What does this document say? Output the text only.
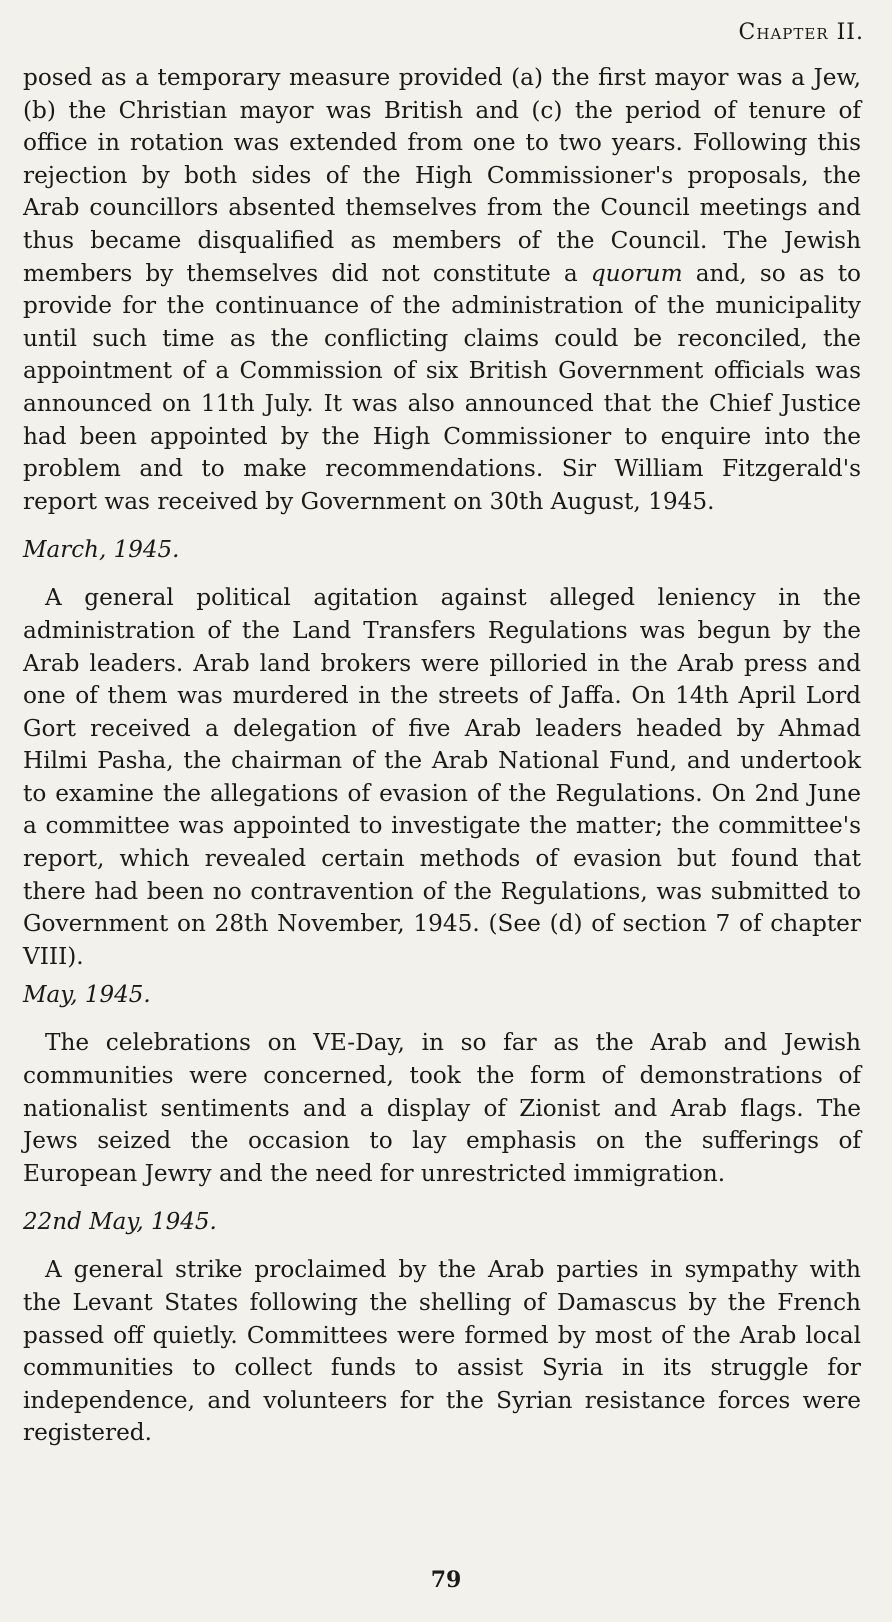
Chapter II.

posed as a temporary measure provided (a) the first mayor was a Jew, (b) the Christian mayor was British and (c) the period of tenure of office in rotation was extended from one to two years. Following this rejection by both sides of the High Commissioner's proposals, the Arab councillors absented themselves from the Council meetings and thus became disqualified as members of the Council. The Jewish members by themselves did not constitute a quorum and, so as to provide for the continuance of the administration of the municipality until such time as the conflicting claims could be reconciled, the appointment of a Commission of six British Government officials was announced on 11th July. It was also announced that the Chief Justice had been appointed by the High Commissioner to enquire into the problem and to make recommendations. Sir William Fitzgerald's report was received by Government on 30th August, 1945.

March, 1945.

A general political agitation against alleged leniency in the administration of the Land Transfers Regulations was begun by the Arab leaders. Arab land brokers were pilloried in the Arab press and one of them was murdered in the streets of Jaffa. On 14th April Lord Gort received a delegation of five Arab leaders headed by Ahmad Hilmi Pasha, the chairman of the Arab National Fund, and undertook to examine the allegations of evasion of the Regulations. On 2nd June a committee was appointed to investigate the matter; the committee's report, which revealed certain methods of evasion but found that there had been no contravention of the Regulations, was submitted to Government on 28th November, 1945. (See (d) of section 7 of chapter VIII).

May, 1945.

The celebrations on VE-Day, in so far as the Arab and Jewish communities were concerned, took the form of demonstrations of nationalist sentiments and a display of Zionist and Arab flags. The Jews seized the occasion to lay emphasis on the sufferings of European Jewry and the need for unrestricted immigration.

22nd May, 1945.

A general strike proclaimed by the Arab parties in sympathy with the Levant States following the shelling of Damascus by the French passed off quietly. Committees were formed by most of the Arab local communities to collect funds to assist Syria in its struggle for independence, and volunteers for the Syrian resistance forces were registered.

79
